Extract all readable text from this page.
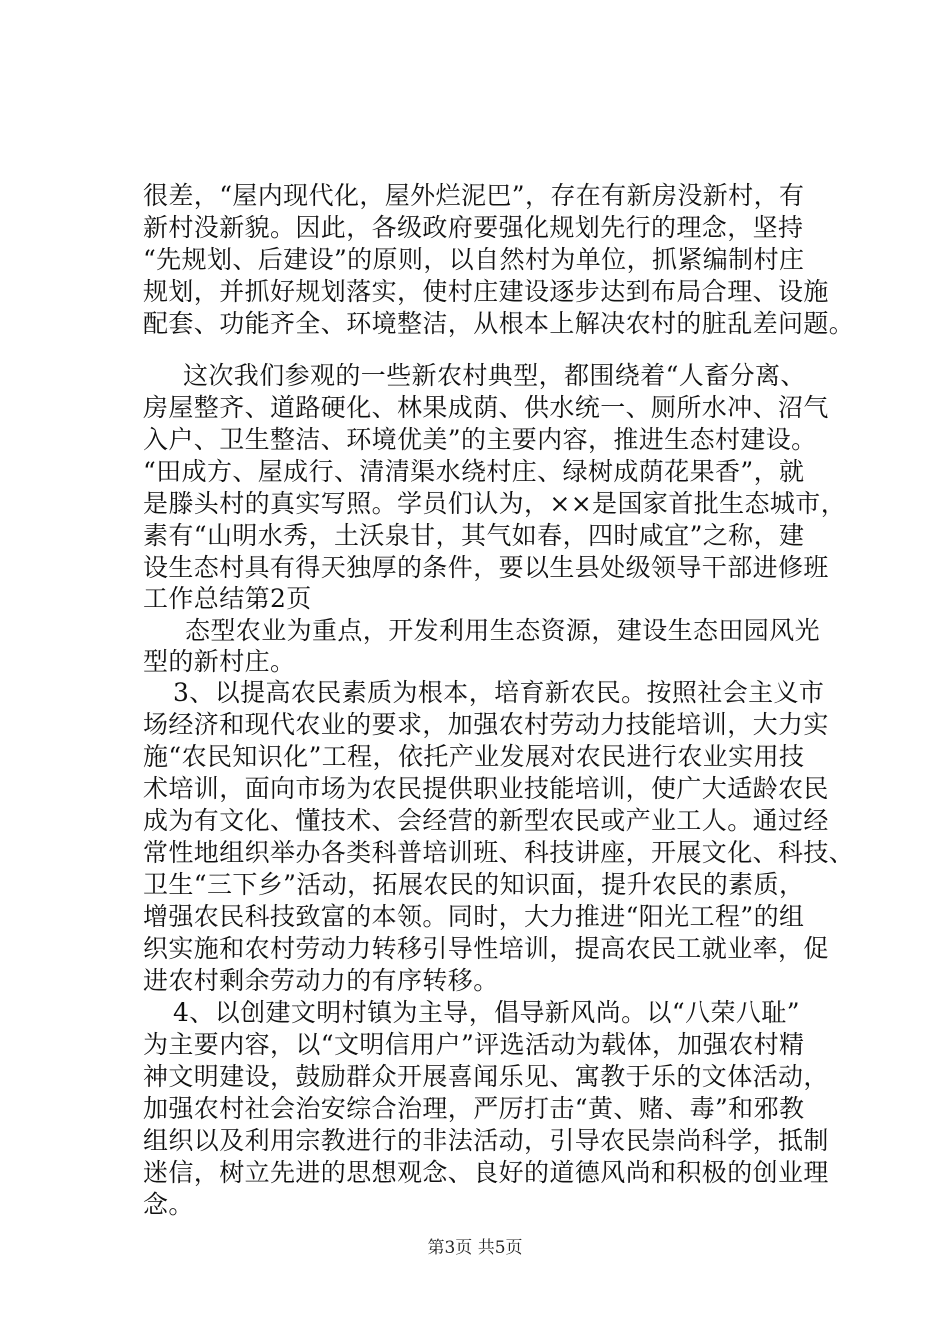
很差，“屋内现代化，屋外烂泥巴”，存在有新房没新村，有
新村没新貌。因此，各级政府要强化规划先行的理念，坚持
“先规划、后建设”的原则，以自然村为单位，抓紧编制村庄
规划，并抓好规划落实，使村庄建设逐步达到布局合理、设施
配套、功能齐全、环境整洁，从根本上解决农村的脏乱差问题。
这次我们参观的一些新农村典型，都围绕着“人畜分离、
房屋整齐、道路硬化、林果成荫、供水统一、厕所水冲、沼气
入户、卫生整洁、环境优美”的主要内容，推进生态村建设。
“田成方、屋成行、清清渠水绕村庄、绿树成荫花果香”，就
是滕头村的真实写照。学员们认为，××是国家首批生态城市，
素有“山明水秀，土沃泉甘，其气如春，四时咸宜”之称，建
设生态村具有得天独厚的条件，要以生县处级领导干部进修班
工作总结第2页
态型农业为重点，开发利用生态资源，建设生态田园风光
型的新村庄。
3、以提高农民素质为根本，培育新农民。按照社会主义市
场经济和现代农业的要求，加强农村劳动力技能培训，大力实
施“农民知识化”工程，依托产业发展对农民进行农业实用技
术培训，面向市场为农民提供职业技能培训，使广大适龄农民
成为有文化、懂技术、会经营的新型农民或产业工人。通过经
常性地组织举办各类科普培训班、科技讲座，开展文化、科技、
卫生“三下乡”活动，拓展农民的知识面，提升农民的素质，
增强农民科技致富的本领。同时，大力推进“阳光工程”的组
织实施和农村劳动力转移引导性培训，提高农民工就业率，促
进农村剩余劳动力的有序转移。
4、以创建文明村镇为主导，倡导新风尚。以“八荣八耻”
为主要内容，以“文明信用户”评选活动为载体，加强农村精
神文明建设，鼓励群众开展喜闻乐见、寓教于乐的文体活动，
加强农村社会治安综合治理，严厉打击“黄、赌、毒”和邪教
组织以及利用宗教进行的非法活动，引导农民崇尚科学，抵制
迷信，树立先进的思想观念、良好的道德风尚和积极的创业理
念。
第3页 共5页
